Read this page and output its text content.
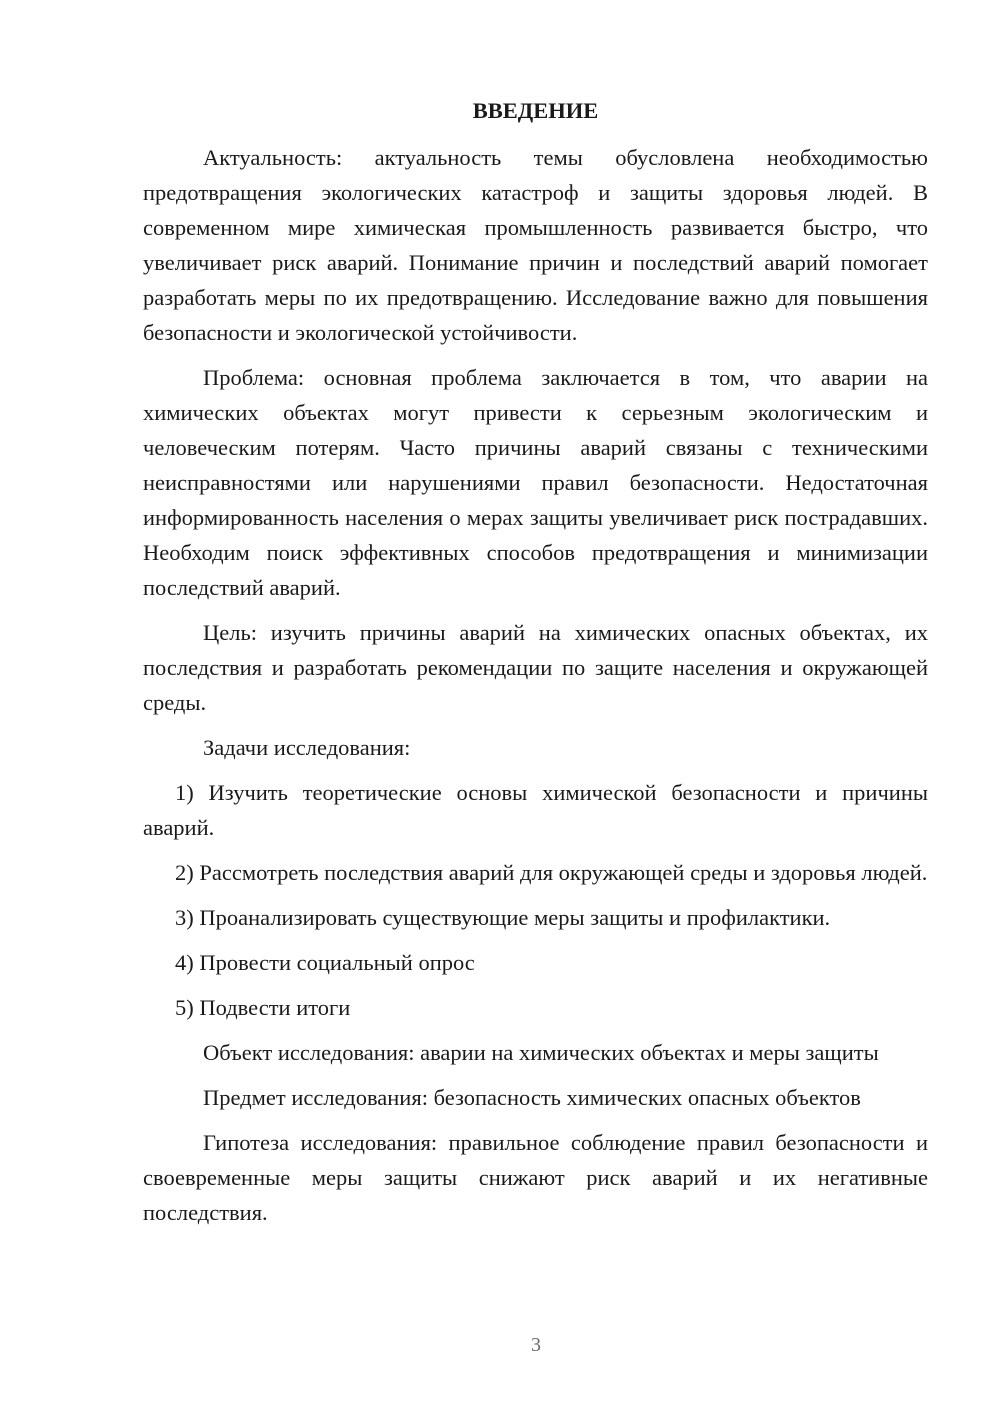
ВВЕДЕНИЕ

Актуальность: актуальность темы обусловлена необходимостью предотвращения экологических катастроф и защиты здоровья людей. В современном мире химическая промышленность развивается быстро, что увеличивает риск аварий. Понимание причин и последствий аварий помогает разработать меры по их предотвращению. Исследование важно для повышения безопасности и экологической устойчивости.

Проблема: основная проблема заключается в том, что аварии на химических объектах могут привести к серьезным экологическим и человеческим потерям. Часто причины аварий связаны с техническими неисправностями или нарушениями правил безопасности. Недостаточная информированность населения о мерах защиты увеличивает риск пострадавших. Необходим поиск эффективных способов предотвращения и минимизации последствий аварий.

Цель: изучить причины аварий на химических опасных объектах, их последствия и разработать рекомендации по защите населения и окружающей среды.

Задачи исследования:

1) Изучить теоретические основы химической безопасности и причины аварий.

2) Рассмотреть последствия аварий для окружающей среды и здоровья людей.

3) Проанализировать существующие меры защиты и профилактики.

4) Провести социальный опрос

5) Подвести итоги

Объект исследования: аварии на химических объектах и меры защиты

Предмет исследования: безопасность химических опасных объектов

Гипотеза исследования: правильное соблюдение правил безопасности и своевременные меры защиты снижают риск аварий и их негативные последствия.

3
